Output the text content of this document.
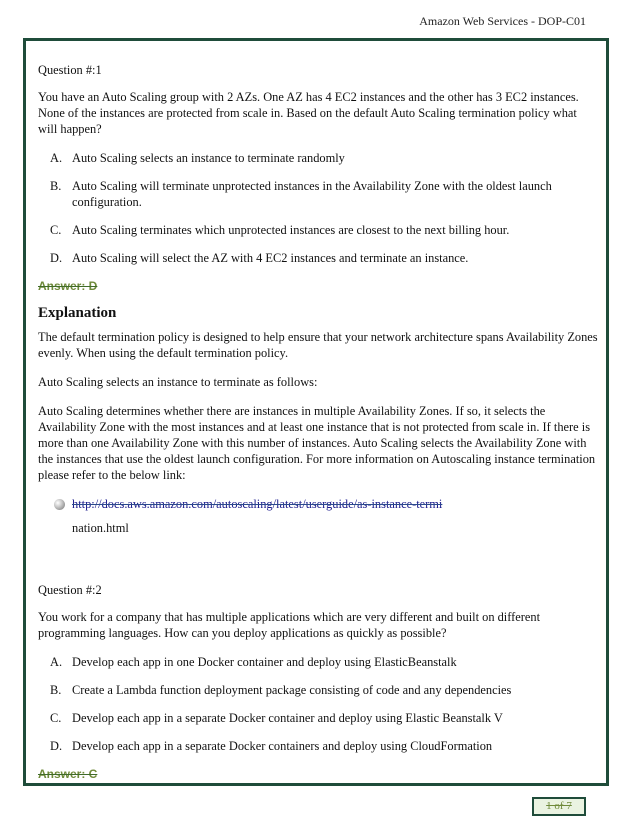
Amazon Web Services - DOP-C01

Question #:1

You have an Auto Scaling group with 2 AZs. One AZ has 4 EC2 instances and the other has 3 EC2 instances. None of the instances are protected from scale in. Based on the default Auto Scaling termination policy what will happen?

A. Auto Scaling selects an instance to terminate randomly
B. Auto Scaling will terminate unprotected instances in the Availability Zone with the oldest launch configuration.
C. Auto Scaling terminates which unprotected instances are closest to the next billing hour.
D. Auto Scaling will select the AZ with 4 EC2 instances and terminate an instance.

Answer: D

Explanation

The default termination policy is designed to help ensure that your network architecture spans Availability Zones evenly. When using the default termination policy.

Auto Scaling selects an instance to terminate as follows:

Auto Scaling determines whether there are instances in multiple Availability Zones. If so, it selects the Availability Zone with the most instances and at least one instance that is not protected from scale in. If there is more than one Availability Zone with this number of instances. Auto Scaling selects the Availability Zone with the instances that use the oldest launch configuration. For more information on Autoscaling instance termination please refer to the below link:

http://docs.aws.amazon.com/autoscaling/latest/userguide/as-instance-termi

nation.html

Question #:2

You work for a company that has multiple applications which are very different and built on different programming languages. How can you deploy applications as quickly as possible?

A. Develop each app in one Docker container and deploy using ElasticBeanstalk
B. Create a Lambda function deployment package consisting of code and any dependencies
C. Develop each app in a separate Docker container and deploy using Elastic Beanstalk V
D. Develop each app in a separate Docker containers and deploy using CloudFormation

Answer: C

1 of 7
